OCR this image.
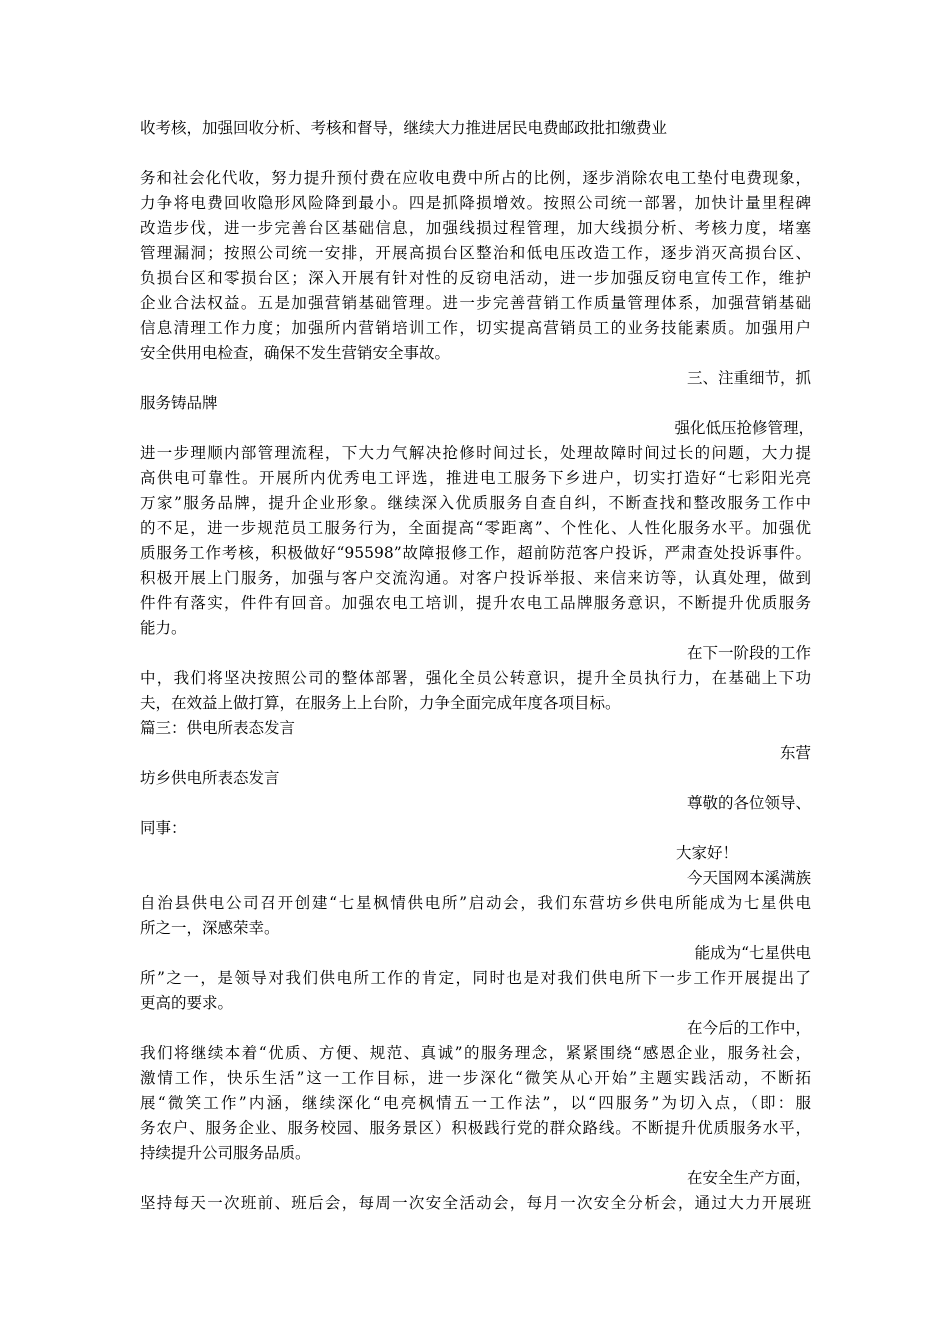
收考核，加强回收分析、考核和督导，继续大力推进居民电费邮政批扣缴费业
务和社会化代收，努力提升预付费在应收电费中所占的比例，逐步消除农电工垫付电费现象，
力争将电费回收隐形风险降到最小。四是抓降损增效。按照公司统一部署，加快计量里程碑
改造步伐，进一步完善台区基础信息，加强线损过程管理，加大线损分析、考核力度，堵塞
管理漏洞；按照公司统一安排，开展高损台区整治和低电压改造工作，逐步消灭高损台区、
负损台区和零损台区；深入开展有针对性的反窃电活动，进一步加强反窃电宣传工作，维护
企业合法权益。五是加强营销基础管理。进一步完善营销工作质量管理体系，加强营销基础
信息清理工作力度；加强所内营销培训工作，切实提高营销员工的业务技能素质。加强用户
安全供用电检查，确保不发生营销安全事故。
三、注重细节，抓
服务铸品牌
强化低压抢修管理，
进一步理顺内部管理流程，下大力气解决抢修时间过长，处理故障时间过长的问题，大力提
高供电可靠性。开展所内优秀电工评选，推进电工服务下乡进户，切实打造好“七彩阳光亮
万家”服务品牌，提升企业形象。继续深入优质服务自查自纠，不断查找和整改服务工作中
的不足，进一步规范员工服务行为，全面提高“零距离”、个性化、人性化服务水平。加强优
质服务工作考核，积极做好“95598”故障报修工作，超前防范客户投诉，严肃查处投诉事件。
积极开展上门服务，加强与客户交流沟通。对客户投诉举报、来信来访等，认真处理，做到
件件有落实，件件有回音。加强农电工培训，提升农电工品牌服务意识，不断提升优质服务
能力。
在下一阶段的工作
中，我们将坚决按照公司的整体部署，强化全员公转意识，提升全员执行力，在基础上下功
夫，在效益上做打算，在服务上上台阶，力争全面完成年度各项目标。
篇三：供电所表态发言
东营
坊乡供电所表态发言
尊敬的各位领导、
同事：
大家好！
今天国网本溪满族
自治县供电公司召开创建“七星枫情供电所”启动会，我们东营坊乡供电所能成为七星供电
所之一，深感荣幸。
能成为“七星供电
所”之一，是领导对我们供电所工作的肯定，同时也是对我们供电所下一步工作开展提出了
更高的要求。
在今后的工作中，
我们将继续本着“优质、方便、规范、真诚”的服务理念，紧紧围绕“感恩企业，服务社会，
激情工作，快乐生活”这一工作目标，进一步深化“微笑从心开始”主题实践活动，不断拓
展“微笑工作”内涵，继续深化“电亮枫情五一工作法”，以“四服务”为切入点，（即：服
务农户、服务企业、服务校园、服务景区）积极践行党的群众路线。不断提升优质服务水平，
持续提升公司服务品质。
在安全生产方面，
坚持每天一次班前、班后会，每周一次安全活动会，每月一次安全分析会，通过大力开展班
